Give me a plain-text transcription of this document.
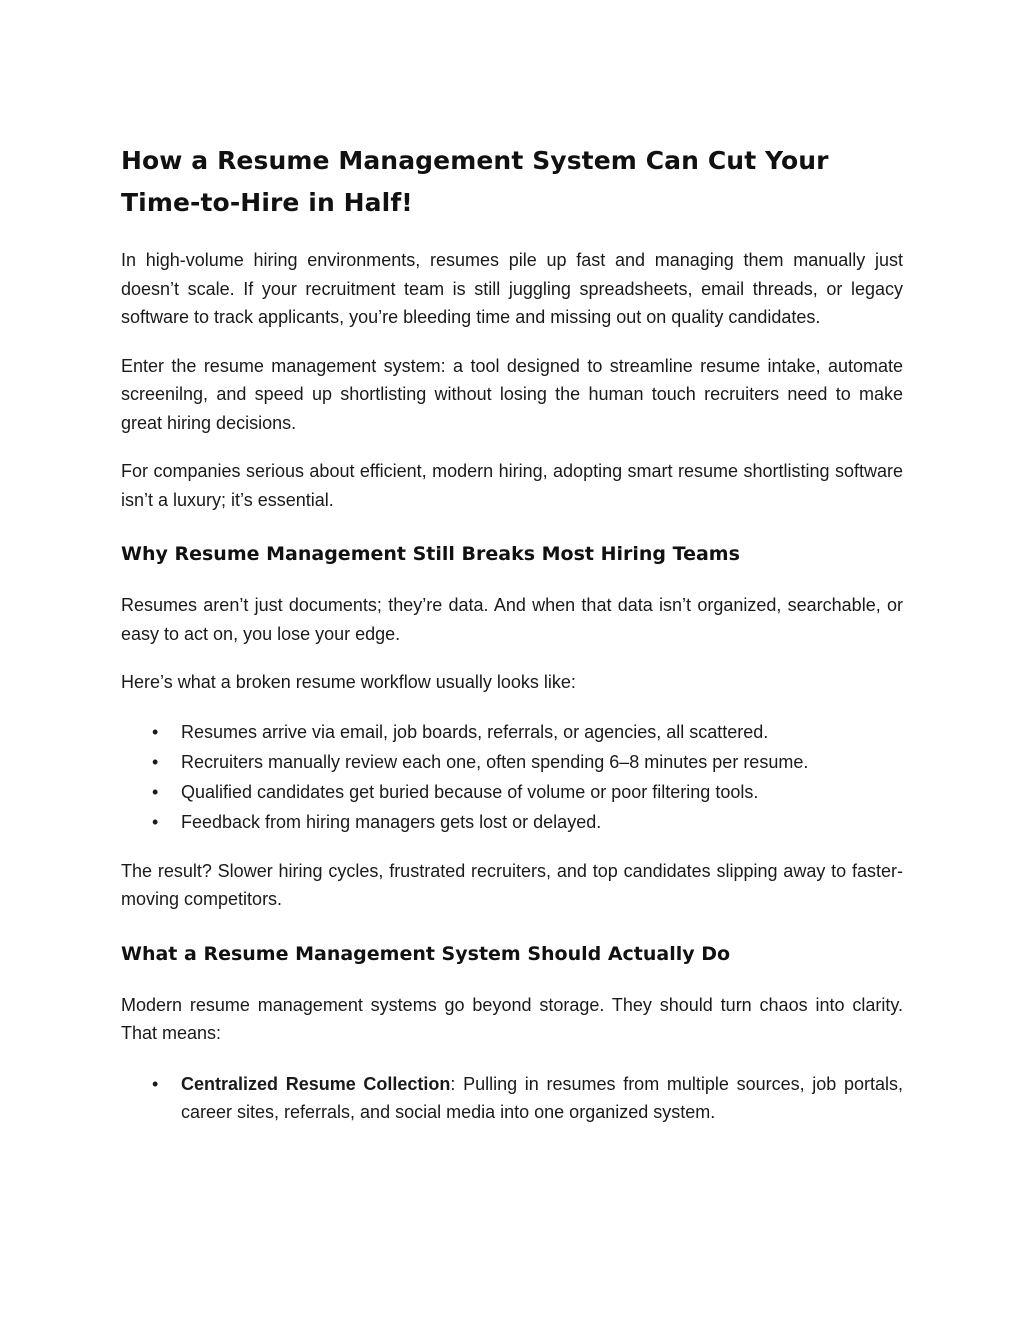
How a Resume Management System Can Cut Your Time-to-Hire in Half!

In high-volume hiring environments, resumes pile up fast and managing them manually just doesn’t scale. If your recruitment team is still juggling spreadsheets, email threads, or legacy software to track applicants, you’re bleeding time and missing out on quality candidates.

Enter the resume management system: a tool designed to streamline resume intake, automate screenilng, and speed up shortlisting without losing the human touch recruiters need to make great hiring decisions.

For companies serious about efficient, modern hiring, adopting smart resume shortlisting software isn’t a luxury; it’s essential.

Why Resume Management Still Breaks Most Hiring Teams

Resumes aren’t just documents; they’re data. And when that data isn’t organized, searchable, or easy to act on, you lose your edge.

Here’s what a broken resume workflow usually looks like:

• Resumes arrive via email, job boards, referrals, or agencies, all scattered.
• Recruiters manually review each one, often spending 6–8 minutes per resume.
• Qualified candidates get buried because of volume or poor filtering tools.
• Feedback from hiring managers gets lost or delayed.

The result? Slower hiring cycles, frustrated recruiters, and top candidates slipping away to faster-moving competitors.

What a Resume Management System Should Actually Do

Modern resume management systems go beyond storage. They should turn chaos into clarity. That means:

• Centralized Resume Collection: Pulling in resumes from multiple sources, job portals, career sites, referrals, and social media into one organized system.
